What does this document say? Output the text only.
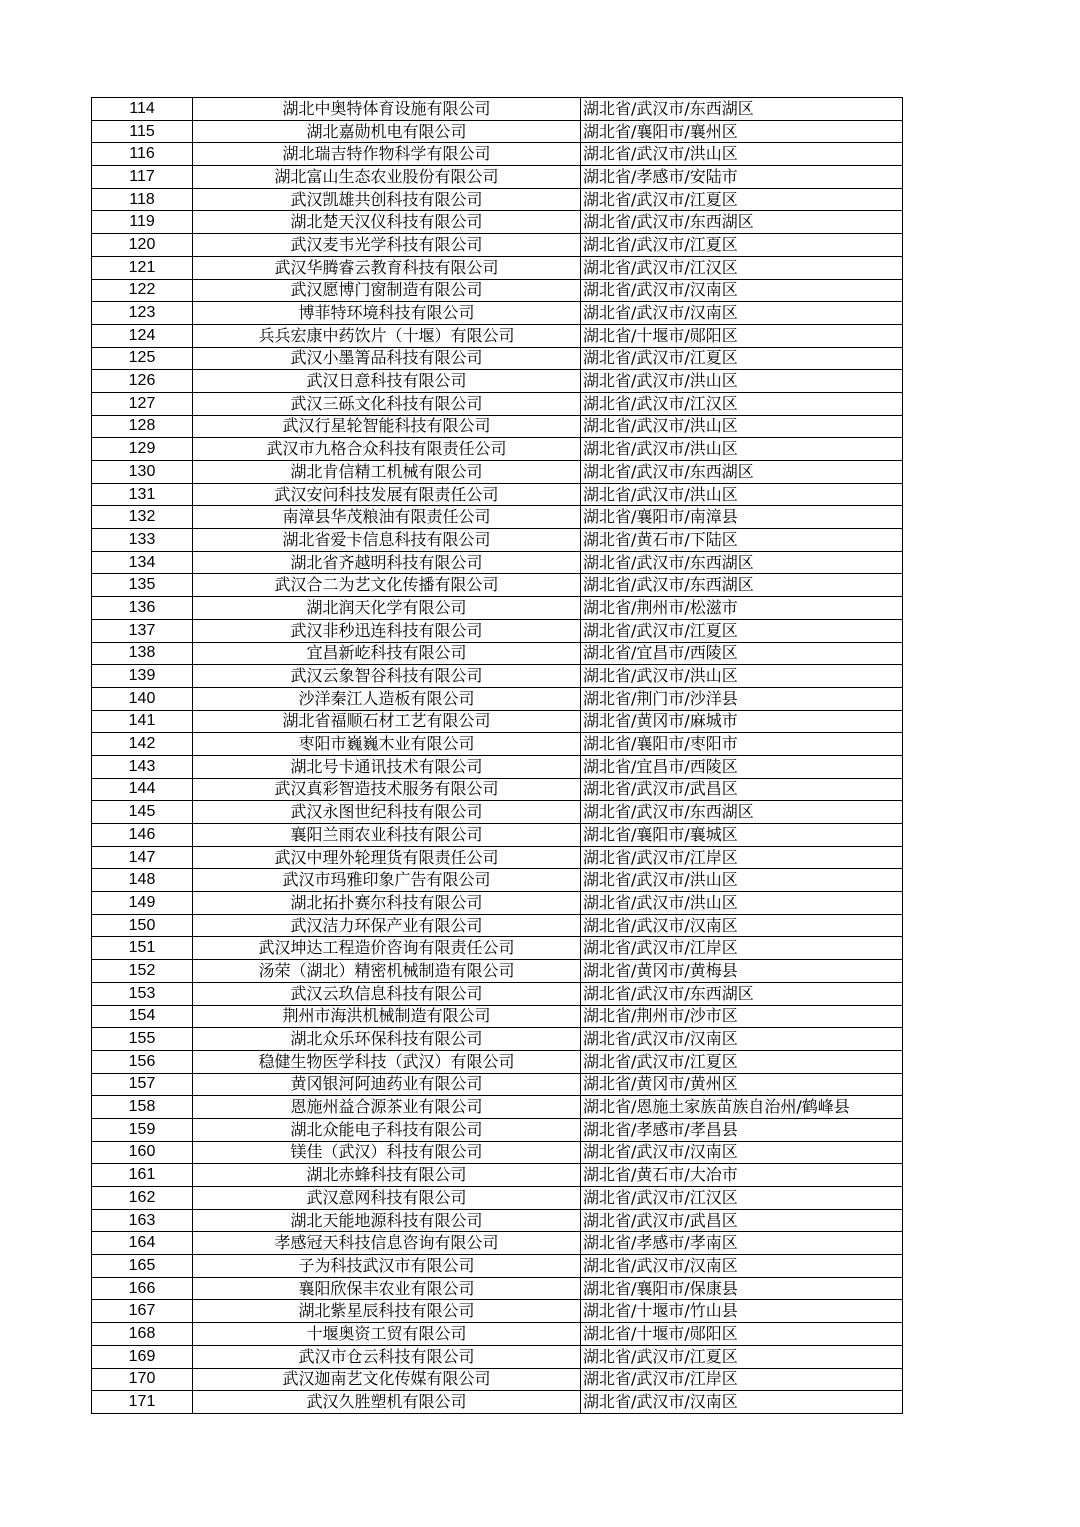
114	湖北中奥特体育设施有限公司	湖北省/武汉市/东西湖区
115	湖北嘉勋机电有限公司	湖北省/襄阳市/襄州区
116	湖北瑞吉特作物科学有限公司	湖北省/武汉市/洪山区
117	湖北富山生态农业股份有限公司	湖北省/孝感市/安陆市
118	武汉凯雄共创科技有限公司	湖北省/武汉市/江夏区
119	湖北楚天汉仪科技有限公司	湖北省/武汉市/东西湖区
120	武汉麦韦光学科技有限公司	湖北省/武汉市/江夏区
121	武汉华腾睿云教育科技有限公司	湖北省/武汉市/江汉区
122	武汉愿博门窗制造有限公司	湖北省/武汉市/汉南区
123	博菲特环境科技有限公司	湖北省/武汉市/汉南区
124	兵兵宏康中药饮片（十堰）有限公司	湖北省/十堰市/郧阳区
125	武汉小墨箐品科技有限公司	湖北省/武汉市/江夏区
126	武汉日意科技有限公司	湖北省/武汉市/洪山区
127	武汉三砾文化科技有限公司	湖北省/武汉市/江汉区
128	武汉行星轮智能科技有限公司	湖北省/武汉市/洪山区
129	武汉市九格合众科技有限责任公司	湖北省/武汉市/洪山区
130	湖北肯信精工机械有限公司	湖北省/武汉市/东西湖区
131	武汉安问科技发展有限责任公司	湖北省/武汉市/洪山区
132	南漳县华茂粮油有限责任公司	湖北省/襄阳市/南漳县
133	湖北省爱卡信息科技有限公司	湖北省/黄石市/下陆区
134	湖北省齐越明科技有限公司	湖北省/武汉市/东西湖区
135	武汉合二为艺文化传播有限公司	湖北省/武汉市/东西湖区
136	湖北润天化学有限公司	湖北省/荆州市/松滋市
137	武汉非秒迅连科技有限公司	湖北省/武汉市/江夏区
138	宜昌新屹科技有限公司	湖北省/宜昌市/西陵区
139	武汉云象智谷科技有限公司	湖北省/武汉市/洪山区
140	沙洋秦江人造板有限公司	湖北省/荆门市/沙洋县
141	湖北省福顺石材工艺有限公司	湖北省/黄冈市/麻城市
142	枣阳市巍巍木业有限公司	湖北省/襄阳市/枣阳市
143	湖北号卡通讯技术有限公司	湖北省/宜昌市/西陵区
144	武汉真彩智造技术服务有限公司	湖北省/武汉市/武昌区
145	武汉永图世纪科技有限公司	湖北省/武汉市/东西湖区
146	襄阳兰雨农业科技有限公司	湖北省/襄阳市/襄城区
147	武汉中理外轮理货有限责任公司	湖北省/武汉市/江岸区
148	武汉市玛雅印象广告有限公司	湖北省/武汉市/洪山区
149	湖北拓扑赛尔科技有限公司	湖北省/武汉市/洪山区
150	武汉洁力环保产业有限公司	湖北省/武汉市/汉南区
151	武汉坤达工程造价咨询有限责任公司	湖北省/武汉市/江岸区
152	汤荣（湖北）精密机械制造有限公司	湖北省/黄冈市/黄梅县
153	武汉云玖信息科技有限公司	湖北省/武汉市/东西湖区
154	荆州市海洪机械制造有限公司	湖北省/荆州市/沙市区
155	湖北众乐环保科技有限公司	湖北省/武汉市/汉南区
156	稳健生物医学科技（武汉）有限公司	湖北省/武汉市/江夏区
157	黄冈银河阿迪药业有限公司	湖北省/黄冈市/黄州区
158	恩施州益合源茶业有限公司	湖北省/恩施土家族苗族自治州/鹤峰县
159	湖北众能电子科技有限公司	湖北省/孝感市/孝昌县
160	镁佳（武汉）科技有限公司	湖北省/武汉市/汉南区
161	湖北赤蜂科技有限公司	湖北省/黄石市/大冶市
162	武汉意网科技有限公司	湖北省/武汉市/江汉区
163	湖北天能地源科技有限公司	湖北省/武汉市/武昌区
164	孝感冠天科技信息咨询有限公司	湖北省/孝感市/孝南区
165	子为科技武汉市有限公司	湖北省/武汉市/汉南区
166	襄阳欣保丰农业有限公司	湖北省/襄阳市/保康县
167	湖北紫星辰科技有限公司	湖北省/十堰市/竹山县
168	十堰奥资工贸有限公司	湖北省/十堰市/郧阳区
169	武汉市仓云科技有限公司	湖北省/武汉市/江夏区
170	武汉迦南艺文化传媒有限公司	湖北省/武汉市/江岸区
171	武汉久胜塑机有限公司	湖北省/武汉市/汉南区
